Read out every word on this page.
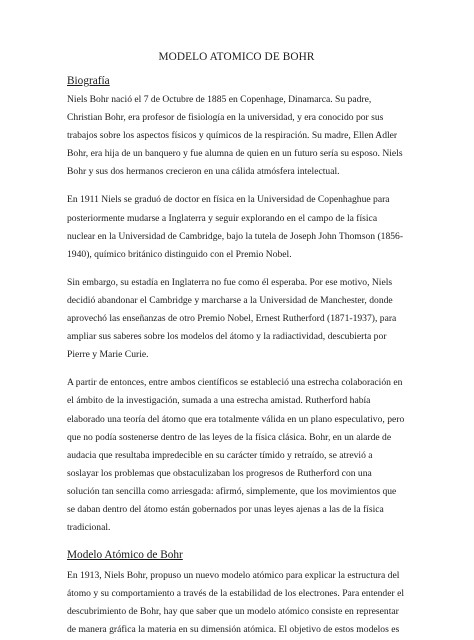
MODELO ATOMICO DE BOHR
Biografía

Niels Bohr nació el 7 de Octubre de 1885 en Copenhage, Dinamarca. Su padre, Christian Bohr, era profesor de fisiología en la universidad, y era conocido por sus trabajos sobre los aspectos físicos y químicos de la respiración. Su madre, Ellen Adler Bohr, era hija de un banquero y fue alumna de quien en un futuro sería su esposo. Niels Bohr y sus dos hermanos crecieron en una cálida atmósfera intelectual.

En 1911 Niels se graduó de doctor en física en la Universidad de Copenhaghue para posteriormente mudarse a Inglaterra y seguir explorando en el campo de la física nuclear en la Universidad de Cambridge, bajo la tutela de Joseph John Thomson (1856-1940), químico británico distinguido con el Premio Nobel.

Sin embargo, su estadía en Inglaterra no fue como él esperaba. Por ese motivo, Niels decidió abandonar el Cambridge y marcharse a la Universidad de Manchester, donde aprovechó las enseñanzas de otro Premio Nobel, Ernest Rutherford (1871-1937), para ampliar sus saberes sobre los modelos del átomo y la radiactividad, descubierta por Pierre y Marie Curie.

A partir de entonces, entre ambos científicos se estableció una estrecha colaboración en el ámbito de la investigación, sumada a una estrecha amistad. Rutherford había elaborado una teoría del átomo que era totalmente válida en un plano especulativo, pero que no podía sostenerse dentro de las leyes de la física clásica. Bohr, en un alarde de audacia que resultaba impredecible en su carácter tímido y retraído, se atrevió a soslayar los problemas que obstaculizaban los progresos de Rutherford con una solución tan sencilla como arriesgada: afirmó, simplemente, que los movimientos que se daban dentro del átomo están gobernados por unas leyes ajenas a las de la física tradicional.

Modelo Atómico de Bohr

En 1913, Niels Bohr, propuso un nuevo modelo atómico para explicar la estructura del átomo y su comportamiento a través de la estabilidad de los electrones. Para entender el descubrimiento de Bohr, hay que saber que un modelo atómico consiste en representar de manera gráfica la materia en su dimensión atómica. El objetivo de estos modelos es
